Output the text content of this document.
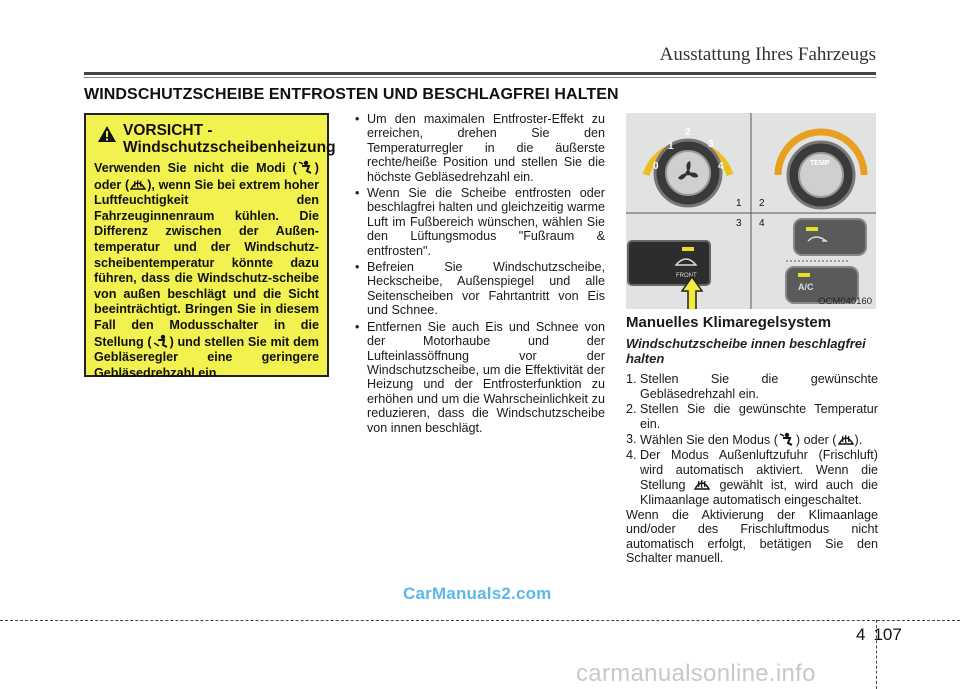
Ausstattung Ihres Fahrzeugs
WINDSCHUTZSCHEIBE ENTFROSTEN UND BESCHLAGFREI HALTEN
VORSICHT - Windschutzscheibenheizung
Verwenden Sie nicht die Modi ( ) oder ( ), wenn Sie bei extrem hoher Luftfeuchtigkeit den Fahrzeuginnenraum kühlen. Die Differenz zwischen der Außen-temperatur und der Windschutz-scheibentemperatur könnte dazu führen, dass die Windschutz-scheibe von außen beschlägt und die Sicht beeinträchtigt. Bringen Sie in diesem Fall den Modusschalter in die Stellung ( ) und stellen Sie mit dem Gebläseregler eine geringere Gebläsedrehzahl ein.
• Um den maximalen Entfroster-Effekt zu erreichen, drehen Sie den Temperaturregler in die äußerste rechte/heiße Position und stellen Sie die höchste Gebläsedrehzahl ein.
• Wenn Sie die Scheibe entfrosten oder beschlagfrei halten und gleichzeitig warme Luft im Fußbereich wünschen, wählen Sie den Lüftungsmodus "Fußraum & entfrosten".
• Befreien Sie Windschutzscheibe, Heckscheibe, Außenspiegel und alle Seitenscheiben vor Fahrtantritt von Eis und Schnee.
• Entfernen Sie auch Eis und Schnee von der Motorhaube und der Lufteinlassöffnung vor der Windschutzscheibe, um die Effektivität der Heizung und der Entfrosterfunktion zu erhöhen und um die Wahrscheinlichkeit zu reduzieren, dass die Windschutzscheibe von innen beschlägt.
0
1
2
3
4	TEMP
1 2
3 4
FRONT
A/C
OCM040160
Manuelles Klimaregelsystem
Windschutzscheibe innen beschlagfrei halten
1. Stellen Sie die gewünschte Gebläsedrehzahl ein.
2. Stellen Sie die gewünschte Temperatur ein.
3. Wählen Sie den Modus ( ) oder ( ).
4. Der Modus Außenluftzufuhr (Frischluft) wird automatisch aktiviert. Wenn die Stellung	gewählt ist, wird auch die Klimaanlage automatisch eingeschaltet.
Wenn die Aktivierung der Klimaanlage und/oder des Frischluftmodus nicht automatisch erfolgt, betätigen Sie den Schalter manuell.
CarManuals2.com
4 107
carmanualsonline.info
